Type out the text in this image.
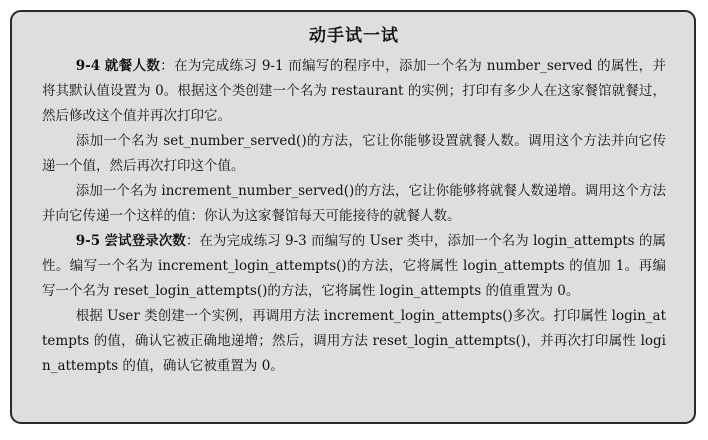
动手试一试

9-4 就餐人数：在为完成练习 9-1 而编写的程序中，添加一个名为 number_served 的属性，并将其默认值设置为 0。根据这个类创建一个名为 restaurant 的实例；打印有多少人在这家餐馆就餐过，然后修改这个值并再次打印它。

添加一个名为 set_number_served()的方法，它让你能够设置就餐人数。调用这个方法并向它传递一个值，然后再次打印这个值。

添加一个名为 increment_number_served()的方法，它让你能够将就餐人数递增。调用这个方法并向它传递一个这样的值：你认为这家餐馆每天可能接待的就餐人数。

9-5 尝试登录次数：在为完成练习 9-3 而编写的 User 类中，添加一个名为 login_attempts 的属性。编写一个名为 increment_login_attempts()的方法，它将属性 login_attempts 的值加 1。再编写一个名为 reset_login_attempts()的方法，它将属性 login_attempts 的值重置为 0。

根据 User 类创建一个实例，再调用方法 increment_login_attempts()多次。打印属性 login_attempts 的值，确认它被正确地递增；然后，调用方法 reset_login_attempts()，并再次打印属性 login_attempts 的值，确认它被重置为 0。
